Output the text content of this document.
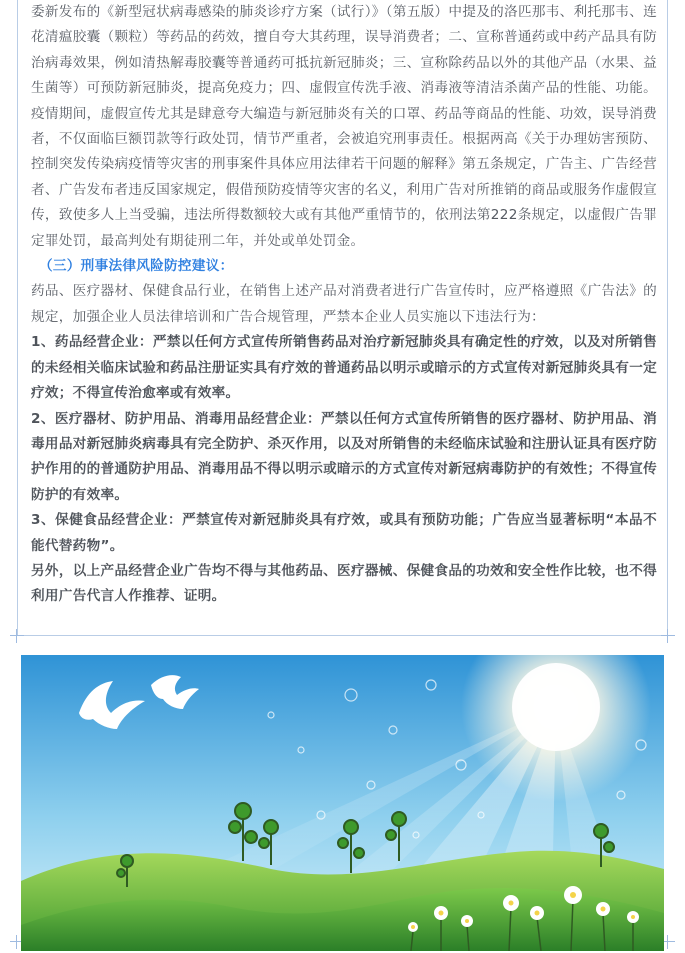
委新发布的《新型冠状病毒感染的肺炎诊疗方案（试行）》（第五版）中提及的洛匹那韦、利托那韦、连花清瘟胶囊（颗粒）等药品的药效，擅自夸大其药理，误导消费者；二、宣称普通药或中药产品具有防治病毒效果，例如清热解毒胶囊等普通药可抵抗新冠肺炎；三、宣称除药品以外的其他产品（水果、益生菌等）可预防新冠肺炎，提高免疫力；四、虚假宣传洗手液、消毒液等清洁杀菌产品的性能、功能。疫情期间，虚假宣传尤其是肆意夸大编造与新冠肺炎有关的口罩、药品等商品的性能、功效，误导消费者，不仅面临巨额罚款等行政处罚，情节严重者，会被追究刑事责任。根据两高《关于办理妨害预防、控制突发传染病疫情等灾害的刑事案件具体应用法律若干问题的解释》第五条规定，广告主、广告经营者、广告发布者违反国家规定，假借预防疫情等灾害的名义，利用广告对所推销的商品或服务作虚假宣传，致使多人上当受骗，违法所得数额较大或有其他严重情节的，依刑法第222条规定，以虚假广告罪定罪处罚，最高判处有期徒刑二年，并处或单处罚金。

（三）刑事法律风险防控建议：

药品、医疗器材、保健食品行业，在销售上述产品对消费者进行广告宣传时，应严格遵照《广告法》的规定，加强企业人员法律培训和广告合规管理，严禁本企业人员实施以下违法行为：

1、药品经营企业：严禁以任何方式宣传所销售药品对治疗新冠肺炎具有确定性的疗效，以及对所销售的未经相关临床试验和药品注册证实具有疗效的普通药品以明示或暗示的方式宣传对新冠肺炎具有一定疗效；不得宣传治愈率或有效率。

2、医疗器材、防护用品、消毒用品经营企业：严禁以任何方式宣传所销售的医疗器材、防护用品、消毒用品对新冠肺炎病毒具有完全防护、杀灭作用，以及对所销售的未经临床试验和注册认证具有医疗防护作用的的普通防护用品、消毒用品不得以明示或暗示的方式宣传对新冠病毒防护的有效性；不得宣传防护的有效率。

3、保健食品经营企业：严禁宣传对新冠肺炎具有疗效，或具有预防功能；广告应当显著标明“本品不能代替药物”。

另外，以上产品经营企业广告均不得与其他药品、医疗器械、保健食品的功效和安全性作比较，也不得利用广告代言人作推荐、证明。
